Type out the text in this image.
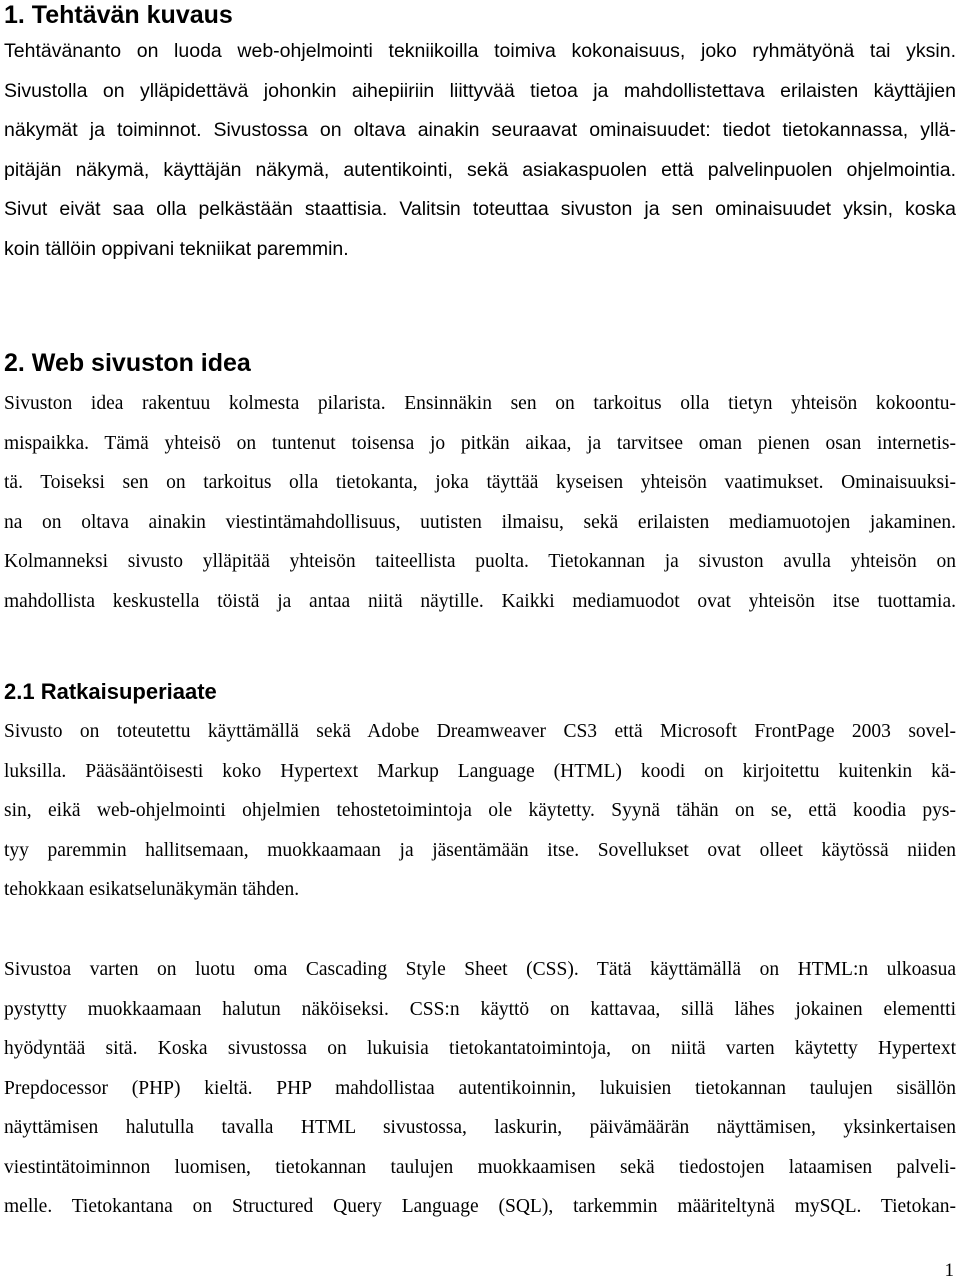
1. Tehtävän kuvaus
Tehtävänanto on luoda web-ohjelmointi tekniikoilla toimiva kokonaisuus, joko ryhmätyönä tai yksin.
Sivustolla on ylläpidettävä johonkin aihepiiriin liittyvää tietoa ja mahdollistettava erilaisten käyttäjien
näkymät ja toiminnot. Sivustossa on oltava ainakin seuraavat ominaisuudet: tiedot tietokannassa, yllä-
pitäjän näkymä, käyttäjän näkymä, autentikointi, sekä asiakaspuolen että palvelinpuolen ohjelmointia.
Sivut eivät saa olla pelkästään staattisia. Valitsin toteuttaa sivuston ja sen ominaisuudet yksin, koska
koin tällöin oppivani tekniikat paremmin.
2. Web sivuston idea
Sivuston idea rakentuu kolmesta pilarista. Ensinnäkin sen on tarkoitus olla tietyn yhteisön kokoontu-
mispaikka. Tämä yhteisö on tuntenut toisensa jo pitkän aikaa, ja tarvitsee oman pienen osan internetis-
tä. Toiseksi sen on tarkoitus olla tietokanta, joka täyttää kyseisen yhteisön vaatimukset. Ominaisuuksi-
na on oltava ainakin viestintämahdollisuus, uutisten ilmaisu, sekä erilaisten mediamuotojen jakaminen.
Kolmanneksi sivusto ylläpitää yhteisön taiteellista puolta. Tietokannan ja sivuston avulla yhteisön on
mahdollista keskustella töistä ja antaa niitä näytille. Kaikki mediamuodot ovat yhteisön itse tuottamia.
2.1 Ratkaisuperiaate
Sivusto on toteutettu käyttämällä sekä Adobe Dreamweaver CS3 että Microsoft FrontPage 2003 sovel-
luksilla. Pääsääntöisesti koko Hypertext Markup Language (HTML) koodi on kirjoitettu kuitenkin kä-
sin, eikä web-ohjelmointi ohjelmien tehostetoimintoja ole käytetty. Syynä tähän on se, että koodia pys-
tyy paremmin hallitsemaan, muokkaamaan ja jäsentämään itse. Sovellukset ovat olleet käytössä niiden
tehokkaan esikatselunäkymän tähden.
Sivustoa varten on luotu oma Cascading Style Sheet (CSS). Tätä käyttämällä on HTML:n ulkoasua
pystytty muokkaamaan halutun näköiseksi. CSS:n käyttö on kattavaa, sillä lähes jokainen elementti
hyödyntää sitä. Koska sivustossa on lukuisia tietokantatoimintoja, on niitä varten käytetty Hypertext
Prepdocessor (PHP) kieltä. PHP mahdollistaa autentikoinnin, lukuisien tietokannan taulujen sisällön
näyttämisen halutulla tavalla HTML sivustossa, laskurin, päivämäärän näyttämisen, yksinkertaisen
viestintätoiminnon luomisen, tietokannan taulujen muokkaamisen sekä tiedostojen lataamisen palveli-
melle. Tietokantana on Structured Query Language (SQL), tarkemmin määriteltynä mySQL. Tietokan-
1
